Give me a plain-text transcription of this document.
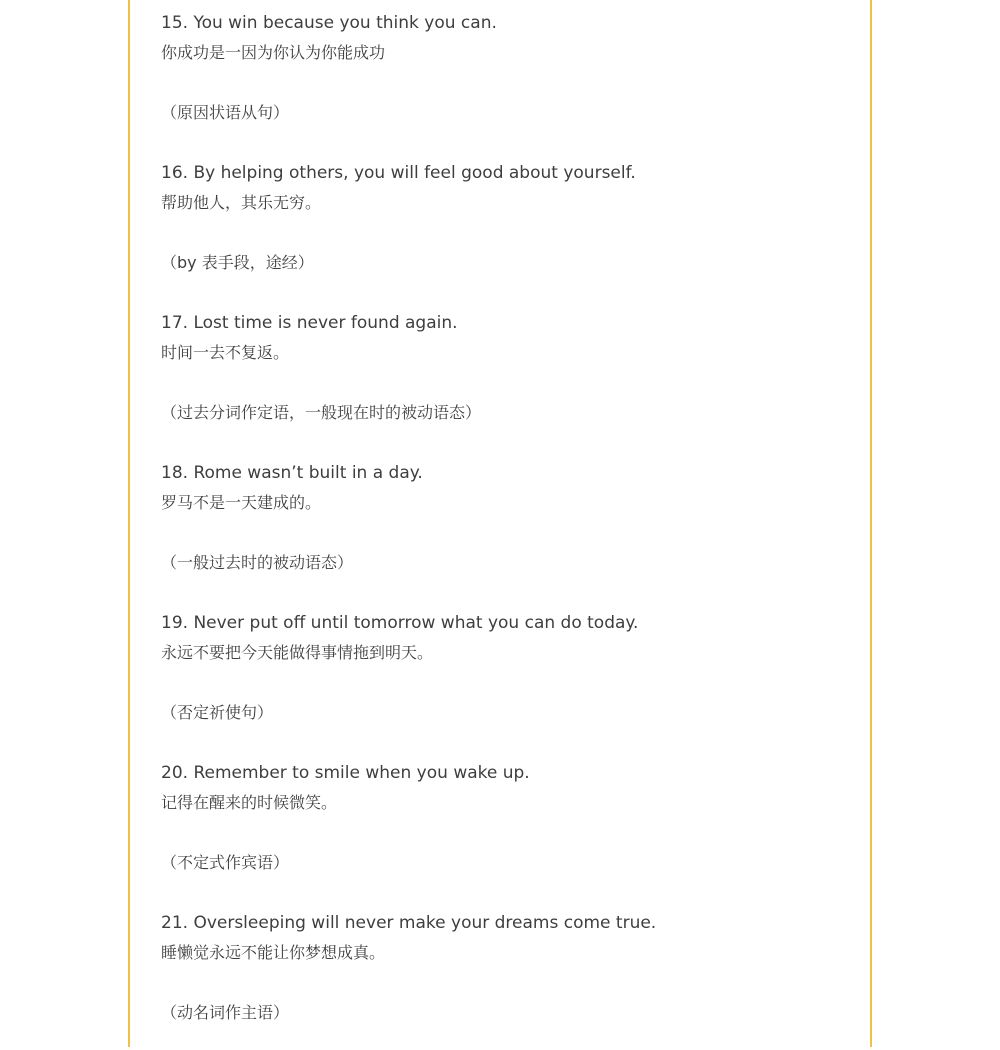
15. You win because you think you can.
你成功是一因为你认为你能成功
（原因状语从句）
16. By helping others, you will feel good about yourself.
帮助他人，其乐无穷。
（by 表手段，途经）
17. Lost time is never found again.
时间一去不复返。
（过去分词作定语，一般现在时的被动语态）
18. Rome wasn’t built in a day.
罗马不是一天建成的。
（一般过去时的被动语态）
19. Never put off until tomorrow what you can do today.
永远不要把今天能做得事情拖到明天。
（否定祈使句）
20. Remember to smile when you wake up.
记得在醒来的时候微笑。
（不定式作宾语）
21. Oversleeping will never make your dreams come true.
睡懒觉永远不能让你梦想成真。
（动名词作主语）
